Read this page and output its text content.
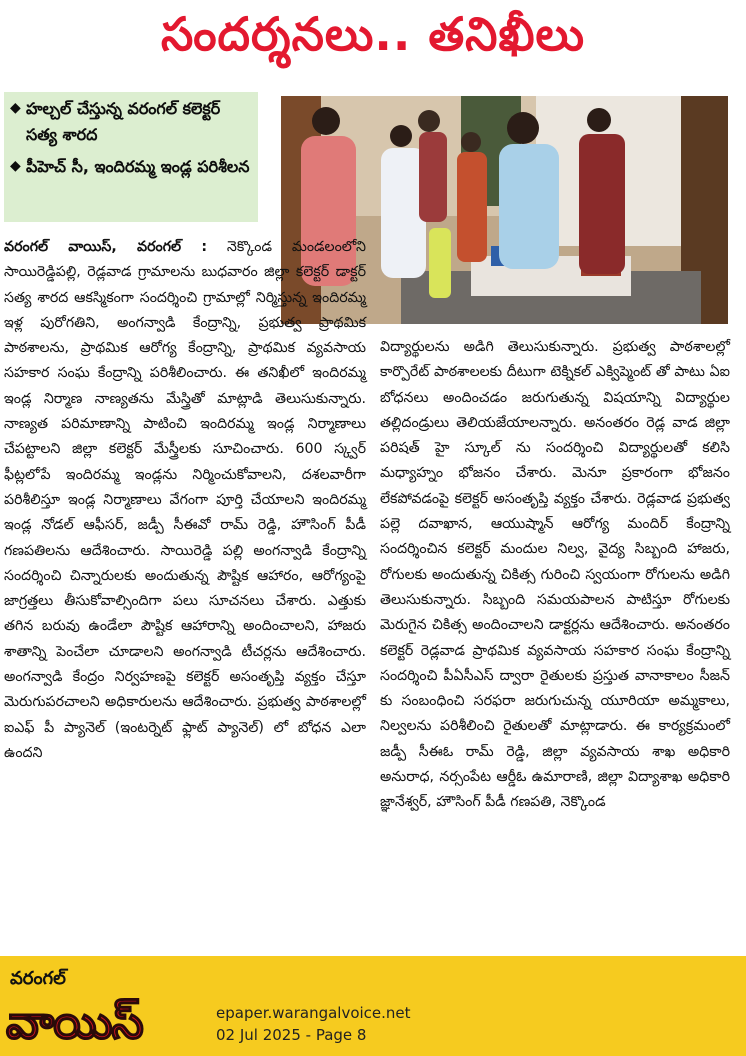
సందర్శనలు.. తనిఖీలు
◆ హల్చల్ చేస్తున్న వరంగల్ కలెక్టర్ సత్య శారద
◆ పీహెచ్ సీ, ఇందిరమ్మ ఇండ్ల పరిశీలన
వరంగల్ వాయిస్, వరంగల్ : నెక్కొండ మండలంలోని సాయిరెడ్డిపల్లి, రెడ్లవాడ గ్రామాలను బుధవారం జిల్లా కలెక్టర్ డాక్టర్ సత్య శారద ఆకస్మికంగా సందర్శించి గ్రామాల్లో నిర్మిస్తున్న ఇందిరమ్మ ఇళ్ల పురోగతిని, అంగన్వాడి కేంద్రాన్ని, ప్రభుత్వ ప్రాథమిక పాఠశాలను, ప్రాథమిక ఆరోగ్య కేంద్రాన్ని, ప్రాథమిక వ్యవసాయ సహకార సంఘ కేంద్రాన్ని పరిశీలించారు. ఈ తనిఖీలో ఇందిరమ్మ ఇండ్ల నిర్మాణ నాణ్యతను మేస్త్రితో మాట్లాడి తెలుసుకున్నారు. నాణ్యత పరిమాణాన్ని పాటించి ఇందిరమ్మ ఇండ్ల నిర్మాణాలు చేపట్టాలని జిల్లా కలెక్టర్ మేస్త్రీలకు సూచించారు. 600 స్క్వర్ ఫీట్లలోపే ఇందిరమ్మ ఇండ్లను నిర్మించుకోవాలని, దశలవారీగా పరిశీలిస్తూ ఇండ్ల నిర్మాణాలు వేగంగా పూర్తి చేయాలని ఇందిరమ్మ ఇండ్ల నోడల్ ఆఫీసర్, జడ్పీ సీఈవో రామ్ రెడ్డి, హౌసింగ్ పీడీ గణపతిలను ఆదేశించారు. సాయిరెడ్డి పల్లి అంగన్వాడి కేంద్రాన్ని సందర్శించి చిన్నారులకు అందుతున్న పౌష్టిక ఆహారం, ఆరోగ్యంపై జాగ్రత్తలు తీసుకోవాల్సిందిగా పలు సూచనలు చేశారు. ఎత్తుకు తగిన బరువు ఉండేలా పౌష్టిక ఆహారాన్ని అందించాలని, హాజరు శాతాన్ని పెంచేలా చూడాలని అంగన్వాడి టీచర్లను ఆదేశించారు. అంగన్వాడి కేంద్రం నిర్వహణపై కలెక్టర్ అసంతృప్తి వ్యక్తం చేస్తూ మెరుగుపరచాలని అధికారులను ఆదేశించారు. ప్రభుత్వ పాఠశాలల్లో ఐఎఫ్ పీ ప్యానెల్ (ఇంటర్నెట్ ఫ్లాట్ ప్యానెల్) లో బోధన ఎలా ఉందని
విద్యార్థులను అడిగి తెలుసుకున్నారు. ప్రభుత్వ పాఠశాలల్లో కార్పొరేట్ పాఠశాలలకు దీటుగా టెక్నికల్ ఎక్విప్మెంట్ తో పాటు ఏఐ బోధనలు అందించడం జరుగుతున్న విషయాన్ని విద్యార్థుల తల్లిదండ్రులు తెలియజేయాలన్నారు. అనంతరం రెడ్ల వాడ జిల్లా పరిషత్ హై స్కూల్ ను సందర్శించి విద్యార్థులతో కలిసి మధ్యాహ్నం భోజనం చేశారు. మెనూ ప్రకారంగా భోజనం లేకపోవడంపై కలెక్టర్ అసంతృప్తి వ్యక్తం చేశారు. రెడ్లవాడ ప్రభుత్వ పల్లె దవాఖాన, ఆయుష్మాన్ ఆరోగ్య మందిర్ కేంద్రాన్ని సందర్శించిన కలెక్టర్ మందుల నిల్వ, వైద్య సిబ్బంది హాజరు, రోగులకు అందుతున్న చికిత్స గురించి స్వయంగా రోగులను అడిగి తెలుసుకున్నారు. సిబ్బంది సమయపాలన పాటిస్తూ రోగులకు మెరుగైన చికిత్స అందించాలని డాక్టర్లను ఆదేశించారు. అనంతరం కలెక్టర్ రెడ్లవాడ ప్రాథమిక వ్యవసాయ సహకార సంఘ కేంద్రాన్ని సందర్శించి పీఏసీఎస్ ద్వారా రైతులకు ప్రస్తుత వానాకాలం సీజన్ కు సంబంధించి సరఫరా జరుగుచున్న యూరియా అమ్మకాలు, నిల్వలను పరిశీలించి రైతులతో మాట్లాడారు. ఈ కార్యక్రమంలో జడ్పీ సీఈఓ రామ్ రెడ్డి, జిల్లా వ్యవసాయ శాఖ అధికారి అనురాధ, నర్సంపేట ఆర్డీఓ ఉమారాణి, జిల్లా విద్యాశాఖ అధికారి జ్ఞానేశ్వర్, హౌసింగ్ పీడీ గణపతి, నెక్కొండ
వరంగల్
వాయిస్	epaper.warangalvoice.net
02 Jul 2025 - Page 8
